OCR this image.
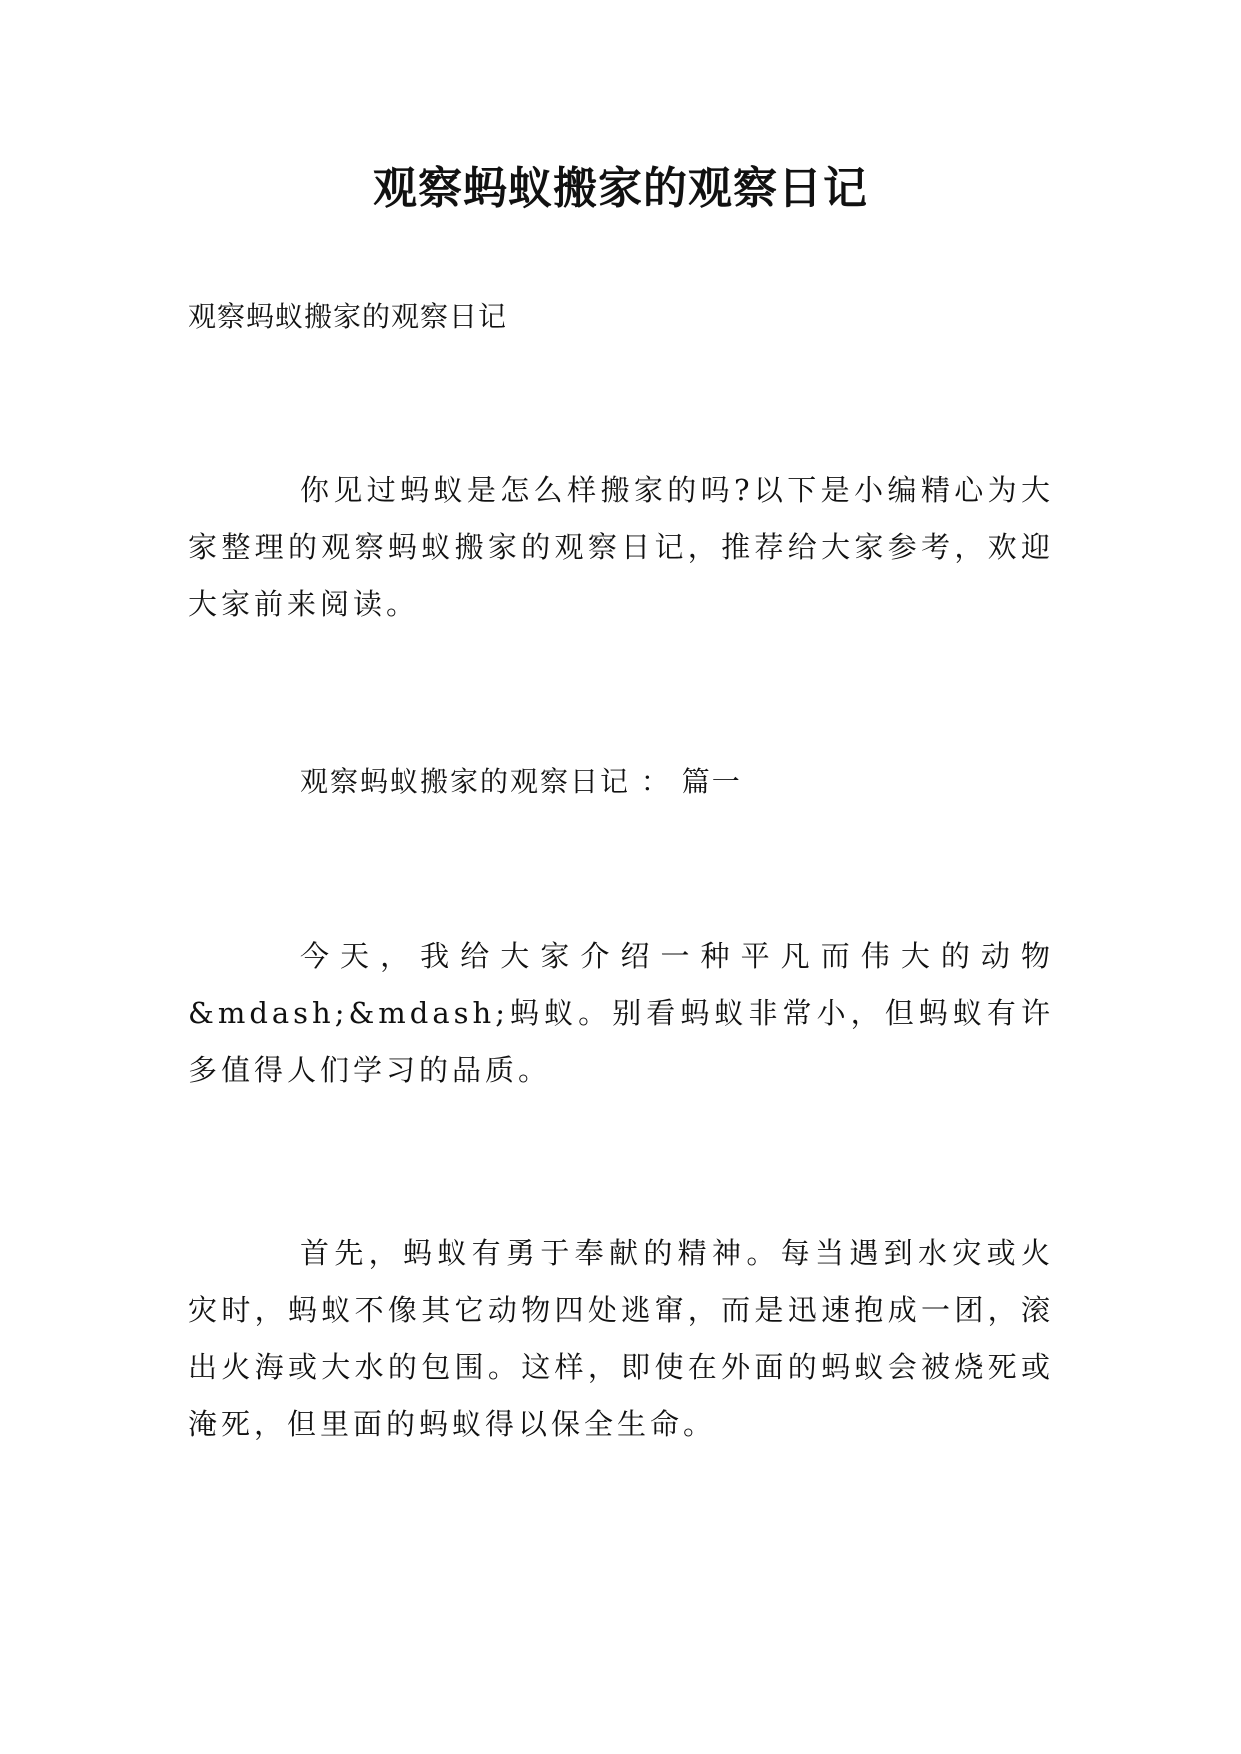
观察蚂蚁搬家的观察日记

观察蚂蚁搬家的观察日记

你见过蚂蚁是怎么样搬家的吗?以下是小编精心为大家整理的观察蚂蚁搬家的观察日记，推荐给大家参考，欢迎大家前来阅读。

观察蚂蚁搬家的观察日记 ： 篇一

今天，我给大家介绍一种平凡而伟大的动物&mdash;&mdash;蚂蚁。别看蚂蚁非常小，但蚂蚁有许多值得人们学习的品质。

首先，蚂蚁有勇于奉献的精神。每当遇到水灾或火灾时，蚂蚁不像其它动物四处逃窜，而是迅速抱成一团，滚出火海或大水的包围。这样，即使在外面的蚂蚁会被烧死或淹死，但里面的蚂蚁得以保全生命。
